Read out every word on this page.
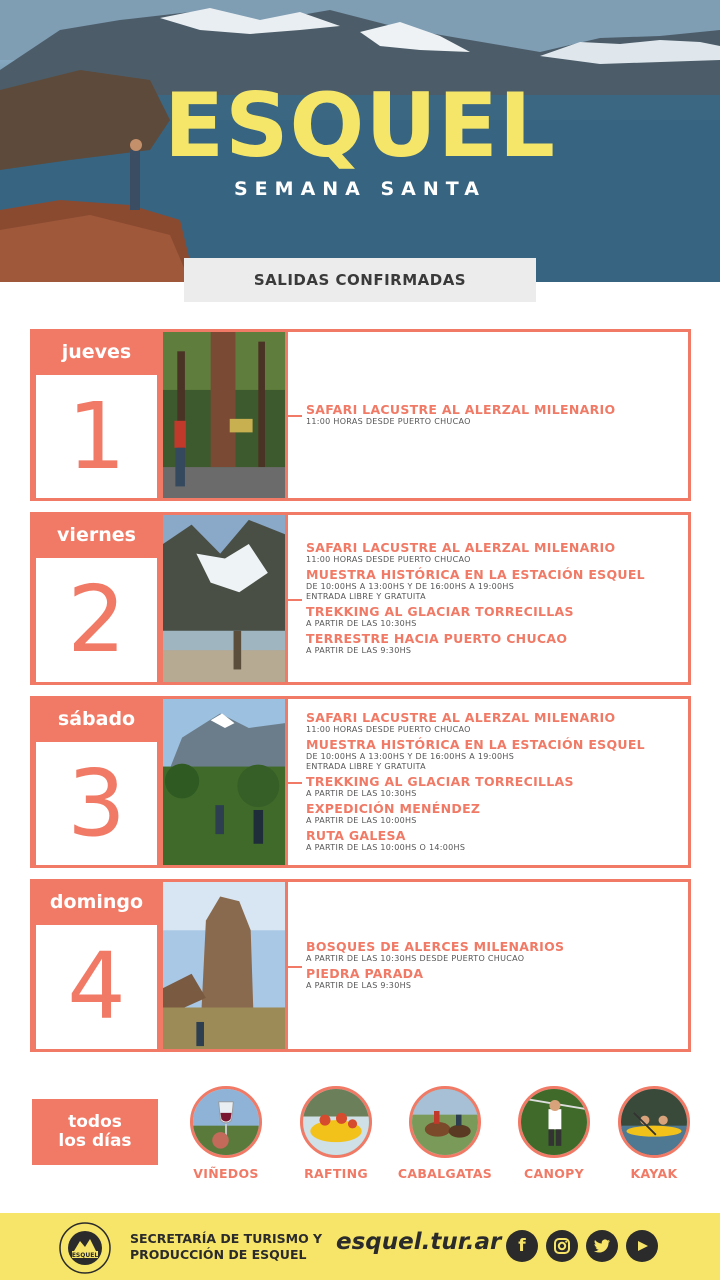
ESQUEL
SEMANA SANTA
SALIDAS CONFIRMADAS
jueves
1	SAFARI LACUSTRE AL ALERZAL MILENARIO
11:00 HORAS DESDE PUERTO CHUCAO
viernes
2
SAFARI LACUSTRE AL ALERZAL MILENARIO
11:00 HORAS DESDE PUERTO CHUCAO
MUESTRA HISTÓRICA EN LA ESTACIÓN ESQUEL
DE 10:00HS A 13:00HS Y DE 16:00HS A 19:00HS
ENTRADA LIBRE Y GRATUITA
TREKKING AL GLACIAR TORRECILLAS
A PARTIR DE LAS 10:30HS
TERRESTRE HACIA PUERTO CHUCAO
A PARTIR DE LAS 9:30HS
sábado
3
SAFARI LACUSTRE AL ALERZAL MILENARIO
11:00 HORAS DESDE PUERTO CHUCAO
MUESTRA HISTÓRICA EN LA ESTACIÓN ESQUEL
DE 10:00HS A 13:00HS Y DE 16:00HS A 19:00HS
ENTRADA LIBRE Y GRATUITA
TREKKING AL GLACIAR TORRECILLAS
A PARTIR DE LAS 10:30HS
EXPEDICIÓN MENÉNDEZ
A PARTIR DE LAS 10:00HS
RUTA GALESA
A PARTIR DE LAS 10:00HS O 14:00HS
domingo
4	BOSQUES DE ALERCES MILENARIOS
A PARTIR DE LAS 10:30HS DESDE PUERTO CHUCAO
PIEDRA PARADA
A PARTIR DE LAS 9:30HS
todos
los días
VIÑEDOS	RAFTING	CABALGATAS	CANOPY	KAYAK
ESQUEL
SECRETARÍA DE TURISMO Y
PRODUCCIÓN DE ESQUEL	esquel.tur.ar f
